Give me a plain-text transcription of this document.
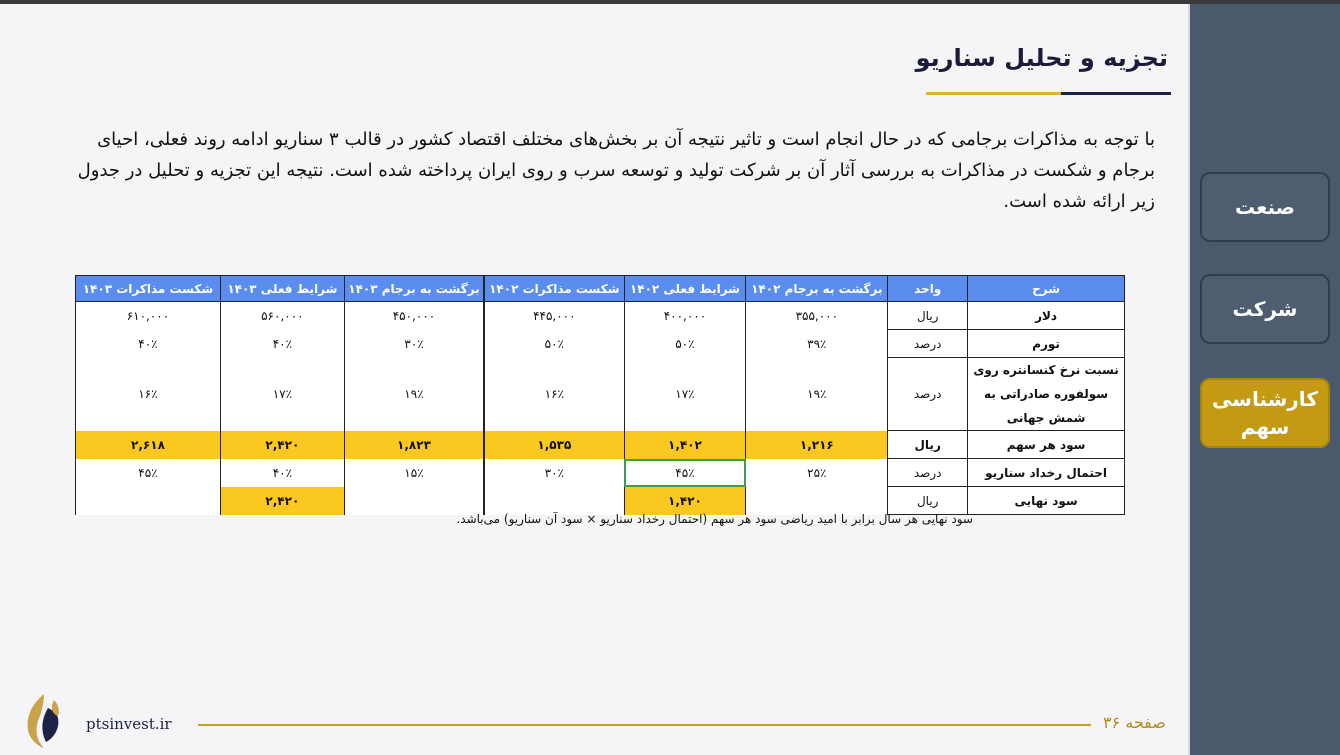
تجزیه و تحلیل سناریو
با توجه به مذاکرات برجامی که در حال انجام است و تاثیر نتیجه آن بر بخش‌های مختلف اقتصاد کشور در قالب ۳ سناریو ادامه روند فعلی، احیای برجام و شکست در مذاکرات به بررسی آثار آن بر شرکت تولید و توسعه سرب و روی ایران پرداخته شده است. نتیجه این تجزیه و تحلیل در جدول زیر ارائه شده است.
شرح	واحد	برگشت به برجام ۱۴۰۲	شرایط فعلی ۱۴۰۲	شکست مذاکرات ۱۴۰۲	برگشت به برجام ۱۴۰۳	شرایط فعلی ۱۴۰۳	شکست مذاکرات ۱۴۰۳
دلار	ریال	۳۵۵,۰۰۰	۴۰۰,۰۰۰	۴۴۵,۰۰۰	۴۵۰,۰۰۰	۵۶۰,۰۰۰	۶۱۰,۰۰۰
تورم	درصد	۳۹٪	۵۰٪	۵۰٪	۳۰٪	۴۰٪	۴۰٪
نسبت نرخ کنسانتره روی سولفوره صادراتی به شمش جهانی	درصد	۱۹٪	۱۷٪	۱۶٪	۱۹٪	۱۷٪	۱۶٪
سود هر سهم	ریال	۱,۲۱۶	۱,۴۰۲	۱,۵۳۵	۱,۸۲۳	۲,۴۲۰	۲,۶۱۸
احتمال رخداد سناریو	درصد	۲۵٪	۴۵٪	۳۰٪	۱۵٪	۴۰٪	۴۵٪
سود نهایی	ریال		۱,۴۲۰			۲,۴۲۰	
سود نهایی هر سال برابر با امید ریاضی سود هر سهم (احتمال رخداد سناریو × سود آن سناریو) می‌باشد.
ptsinvest.ir	صفحه ۳۶
صنعت
شرکت
کارشناسی سهم
